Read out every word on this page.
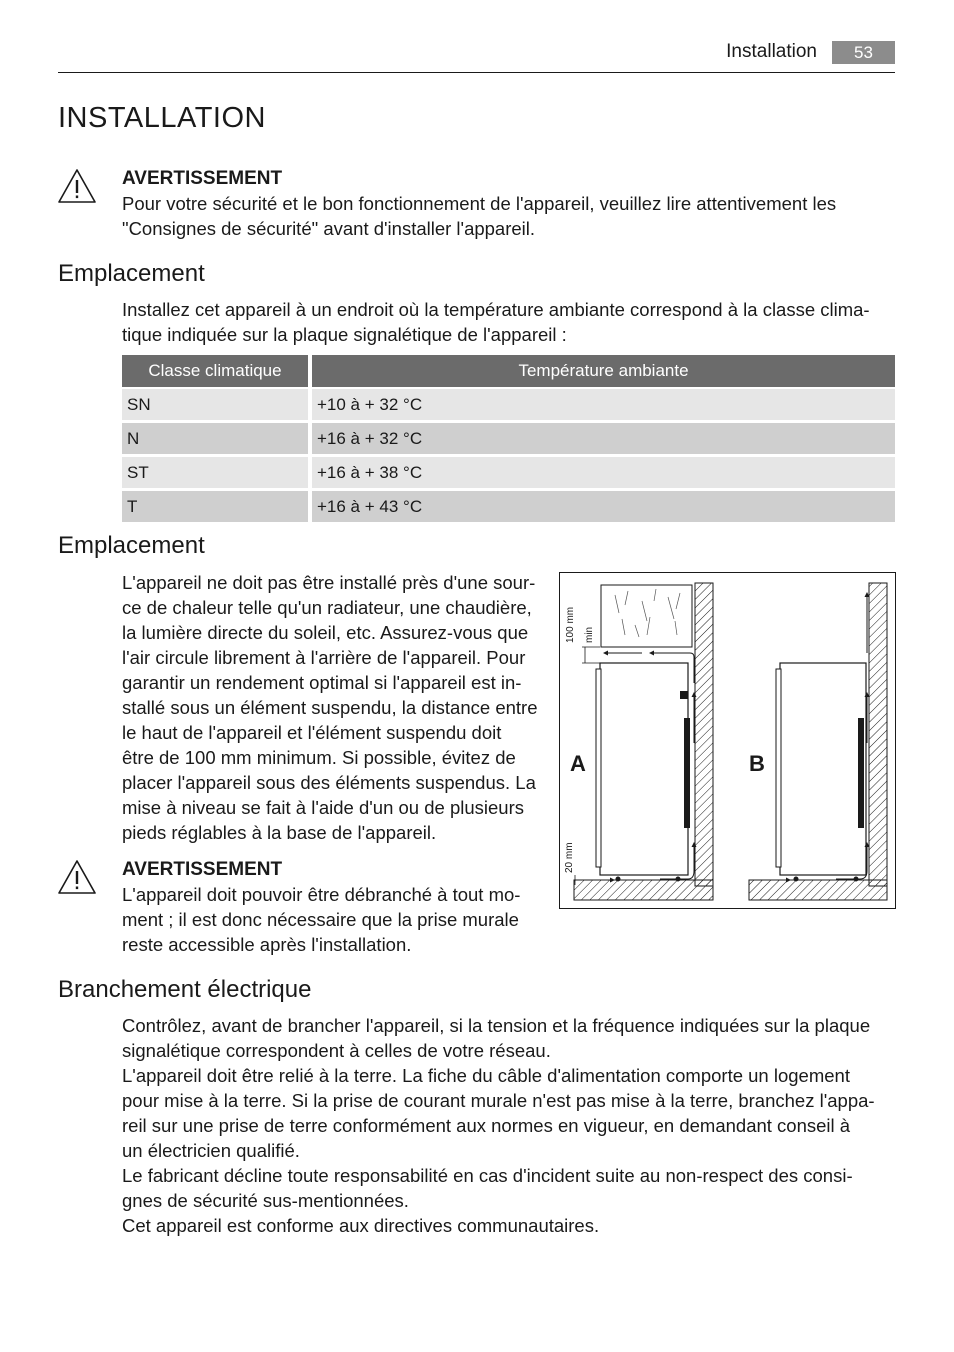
Installation	53
INSTALLATION
AVERTISSEMENT
Pour votre sécurité et le bon fonctionnement de l'appareil, veuillez lire attentivement les
"Consignes de sécurité" avant d'installer l'appareil.
Emplacement
Installez cet appareil à un endroit où la température ambiante correspond à la classe clima-
tique indiquée sur la plaque signalétique de l'appareil :
Classe climatique	Température ambiante
SN	+10 à + 32 °C
N	+16 à + 32 °C
ST	+16 à + 38 °C
T	+16 à + 43 °C
Emplacement
L'appareil ne doit pas être installé près d'une sour-
ce de chaleur telle qu'un radiateur, une chaudière,
la lumière directe du soleil, etc. Assurez-vous que
l'air circule librement à l'arrière de l'appareil. Pour
garantir un rendement optimal si l'appareil est in-
stallé sous un élément suspendu, la distance entre
le haut de l'appareil et l'élément suspendu doit
être de 100 mm minimum. Si possible, évitez de
placer l'appareil sous des éléments suspendus. La
mise à niveau se fait à l'aide d'un ou de plusieurs
pieds réglables à la base de l'appareil.
AVERTISSEMENT
L'appareil doit pouvoir être débranché à tout mo-
ment ; il est donc nécessaire que la prise murale
reste accessible après l'installation.
100 mm min
20 mm
A	B
Branchement électrique
Contrôlez, avant de brancher l'appareil, si la tension et la fréquence indiquées sur la plaque
signalétique correspondent à celles de votre réseau.
L'appareil doit être relié à la terre. La fiche du câble d'alimentation comporte un logement
pour mise à la terre. Si la prise de courant murale n'est pas mise à la terre, branchez l'appa-
reil sur une prise de terre conformément aux normes en vigueur, en demandant conseil à
un électricien qualifié.
Le fabricant décline toute responsabilité en cas d'incident suite au non-respect des consi-
gnes de sécurité sus-mentionnées.
Cet appareil est conforme aux directives communautaires.
